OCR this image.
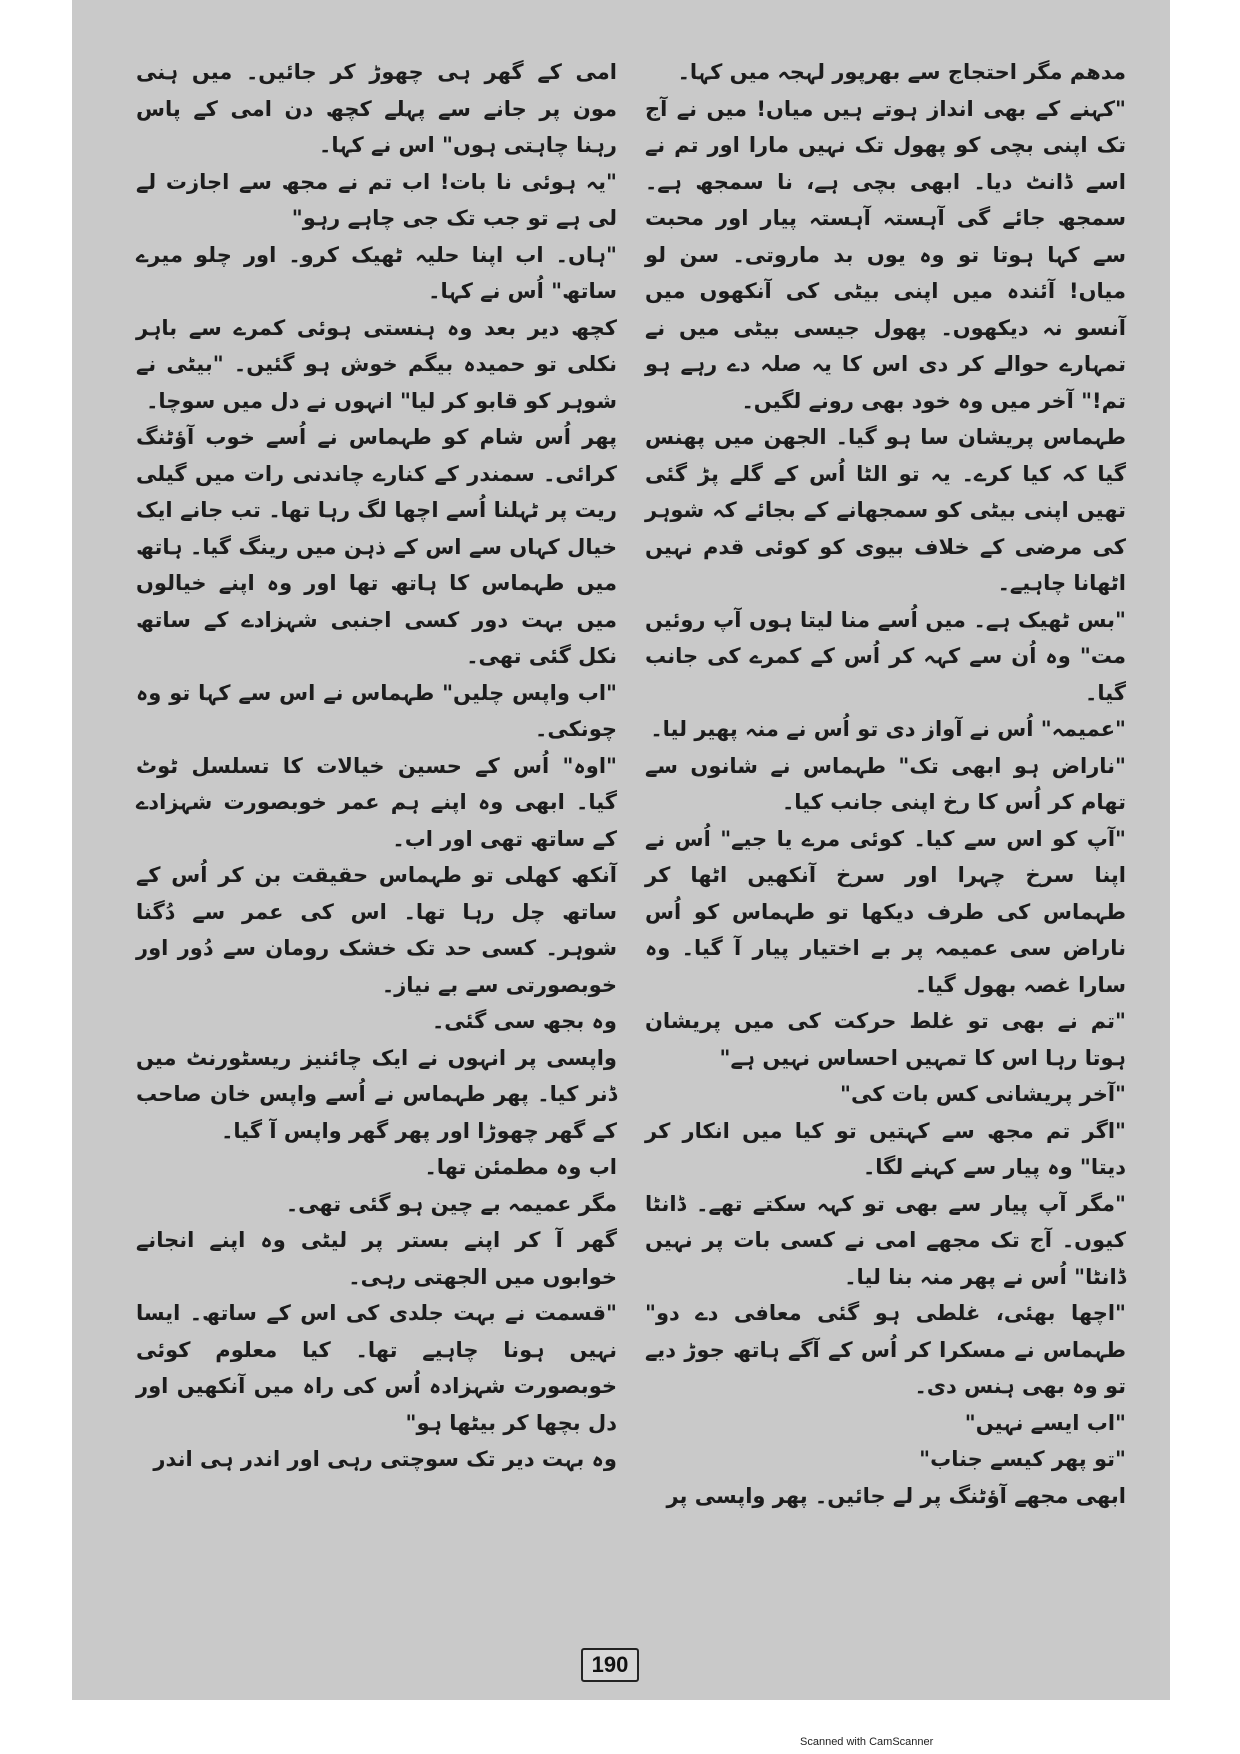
مدھم مگر احتجاج سے بھرپور لہجہ میں کہا۔

"کہنے کے بھی انداز ہوتے ہیں میاں! میں نے آج تک اپنی بچی کو پھول تک نہیں مارا اور تم نے اسے ڈانٹ دیا۔ ابھی بچی ہے، نا سمجھ ہے۔ سمجھ جائے گی آہستہ آہستہ پیار اور محبت سے کہا ہوتا تو وہ یوں بد ماروتی۔ سن لو میاں! آئندہ میں اپنی بیٹی کی آنکھوں میں آنسو نہ دیکھوں۔ پھول جیسی بیٹی میں نے تمہارے حوالے کر دی اس کا یہ صلہ دے رہے ہو تم!" آخر میں وہ خود بھی رونے لگیں۔

طہماس پریشان سا ہو گیا۔ الجھن میں پھنس گیا کہ کیا کرے۔ یہ تو الٹا اُس کے گلے پڑ گئی تھیں اپنی بیٹی کو سمجھانے کے بجائے کہ شوہر کی مرضی کے خلاف بیوی کو کوئی قدم نہیں اٹھانا چاہیے۔

"بس ٹھیک ہے۔ میں اُسے منا لیتا ہوں آپ روئیں مت" وہ اُن سے کہہ کر اُس کے کمرے کی جانب گیا۔

"عمیمہ" اُس نے آواز دی تو اُس نے منہ پھیر لیا۔

"ناراض ہو ابھی تک" طہماس نے شانوں سے تھام کر اُس کا رخ اپنی جانب کیا۔

"آپ کو اس سے کیا۔ کوئی مرے یا جیے" اُس نے اپنا سرخ چہرا اور سرخ آنکھیں اٹھا کر طہماس کی طرف دیکھا تو طہماس کو اُس ناراض سی عمیمہ پر بے اختیار پیار آ گیا۔ وہ سارا غصہ بھول گیا۔

"تم نے بھی تو غلط حرکت کی میں پریشان ہوتا رہا اس کا تمہیں احساس نہیں ہے"

"آخر پریشانی کس بات کی"

"اگر تم مجھ سے کہتیں تو کیا میں انکار کر دیتا" وہ پیار سے کہنے لگا۔

"مگر آپ پیار سے بھی تو کہہ سکتے تھے۔ ڈانٹا کیوں۔ آج تک مجھے امی نے کسی بات پر نہیں ڈانٹا" اُس نے پھر منہ بنا لیا۔

"اچھا بھئی، غلطی ہو گئی معافی دے دو" طہماس نے مسکرا کر اُس کے آگے ہاتھ جوڑ دیے تو وہ بھی ہنس دی۔

"اب ایسے نہیں"

"تو پھر کیسے جناب"

ابھی مجھے آؤٹنگ پر لے جائیں۔ پھر واپسی پر

امی کے گھر ہی چھوڑ کر جائیں۔ میں ہنی مون پر جانے سے پہلے کچھ دن امی کے پاس رہنا چاہتی ہوں" اس نے کہا۔

"یہ ہوئی نا بات! اب تم نے مجھ سے اجازت لے لی ہے تو جب تک جی چاہے رہو"

"ہاں۔ اب اپنا حلیہ ٹھیک کرو۔ اور چلو میرے ساتھ" اُس نے کہا۔

کچھ دیر بعد وہ ہنستی ہوئی کمرے سے باہر نکلی تو حمیدہ بیگم خوش ہو گئیں۔ "بیٹی نے شوہر کو قابو کر لیا" انہوں نے دل میں سوچا۔

پھر اُس شام کو طہماس نے اُسے خوب آؤٹنگ کرائی۔ سمندر کے کنارے چاندنی رات میں گیلی ریت پر ٹہلنا اُسے اچھا لگ رہا تھا۔ تب جانے ایک خیال کہاں سے اس کے ذہن میں رینگ گیا۔ ہاتھ میں طہماس کا ہاتھ تھا اور وہ اپنے خیالوں میں بہت دور کسی اجنبی شہزادے کے ساتھ نکل گئی تھی۔

"اب واپس چلیں" طہماس نے اس سے کہا تو وہ چونکی۔

"اوہ" اُس کے حسین خیالات کا تسلسل ٹوٹ گیا۔ ابھی وہ اپنے ہم عمر خوبصورت شہزادے کے ساتھ تھی اور اب۔

آنکھ کھلی تو طہماس حقیقت بن کر اُس کے ساتھ چل رہا تھا۔ اس کی عمر سے دُگنا شوہر۔ کسی حد تک خشک رومان سے دُور اور خوبصورتی سے بے نیاز۔

وہ بجھ سی گئی۔

واپسی پر انہوں نے ایک چائنیز ریسٹورنٹ میں ڈنر کیا۔ پھر طہماس نے اُسے واپس خان صاحب کے گھر چھوڑا اور پھر گھر واپس آ گیا۔

اب وہ مطمئن تھا۔

مگر عمیمہ بے چین ہو گئی تھی۔

گھر آ کر اپنے بستر پر لیٹی وہ اپنے انجانے خوابوں میں الجھتی رہی۔

"قسمت نے بہت جلدی کی اس کے ساتھ۔ ایسا نہیں ہونا چاہیے تھا۔ کیا معلوم کوئی خوبصورت شہزادہ اُس کی راہ میں آنکھیں اور دل بچھا کر بیٹھا ہو"

وہ بہت دیر تک سوچتی رہی اور اندر ہی اندر

190
Scanned with CamScanner
